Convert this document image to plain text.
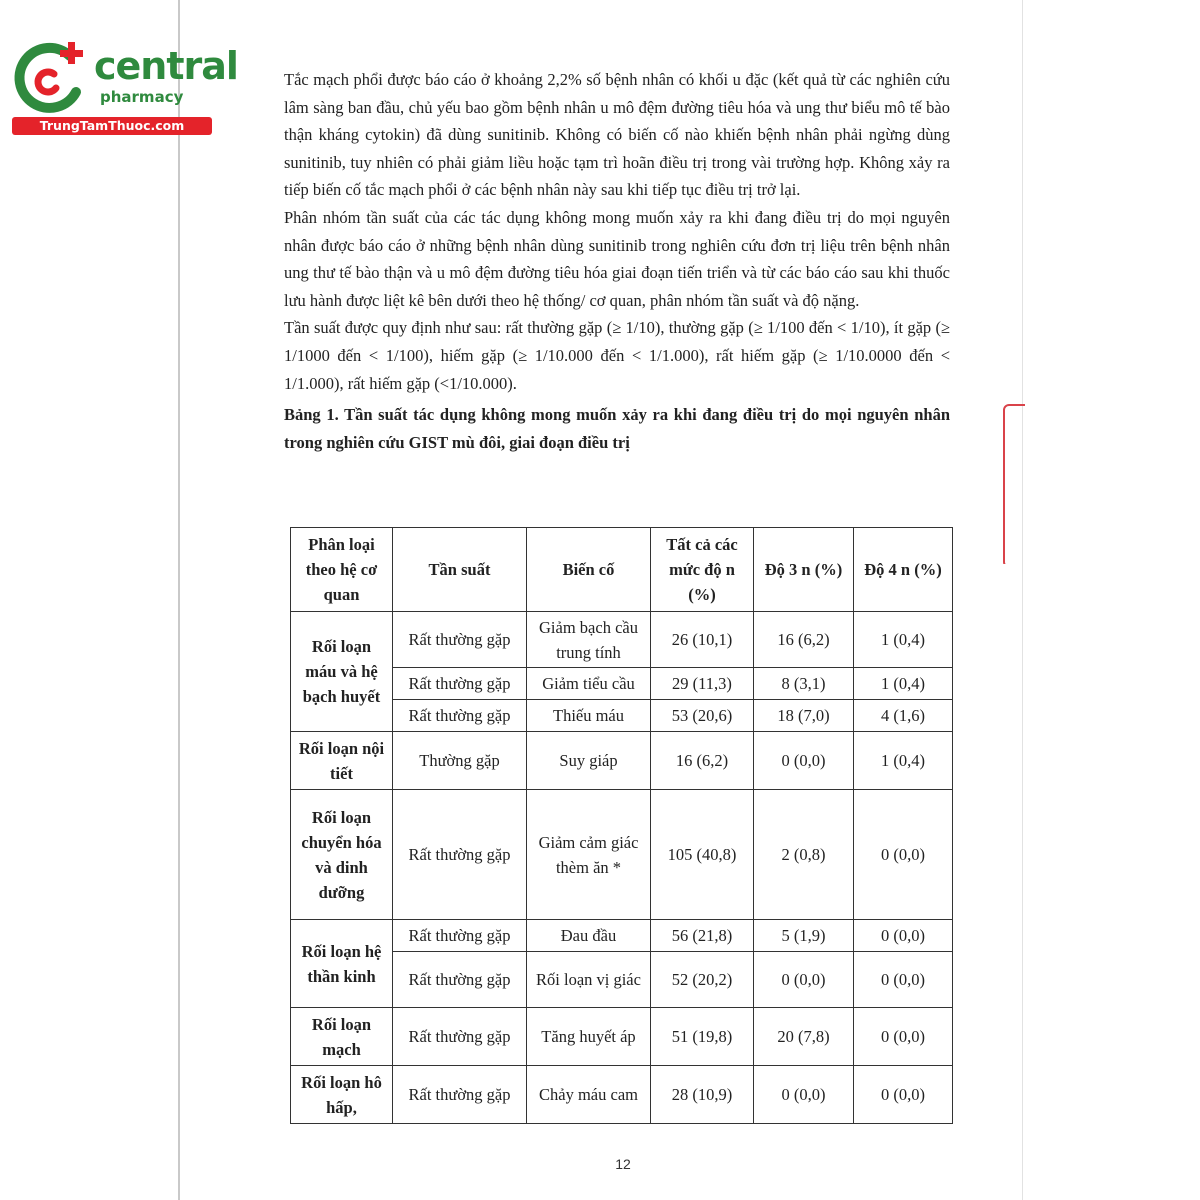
central
pharmacy
TrungTamThuoc.com

Tắc mạch phổi được báo cáo ở khoảng 2,2% số bệnh nhân có khối u đặc (kết quả từ các nghiên cứu lâm sàng ban đầu, chủ yếu bao gồm bệnh nhân u mô đệm đường tiêu hóa và ung thư biểu mô tế bào thận kháng cytokin) đã dùng sunitinib. Không có biến cố nào khiến bệnh nhân phải ngừng dùng sunitinib, tuy nhiên có phải giảm liều hoặc tạm trì hoãn điều trị trong vài trường hợp. Không xảy ra tiếp biến cố tắc mạch phổi ở các bệnh nhân này sau khi tiếp tục điều trị trở lại.

Phân nhóm tần suất của các tác dụng không mong muốn xảy ra khi đang điều trị do mọi nguyên nhân được báo cáo ở những bệnh nhân dùng sunitinib trong nghiên cứu đơn trị liệu trên bệnh nhân ung thư tế bào thận và u mô đệm đường tiêu hóa giai đoạn tiến triển và từ các báo cáo sau khi thuốc lưu hành được liệt kê bên dưới theo hệ thống/ cơ quan, phân nhóm tần suất và độ nặng.

Tần suất được quy định như sau: rất thường gặp (≥ 1/10), thường gặp (≥ 1/100 đến < 1/10), ít gặp (≥ 1/1000 đến < 1/100), hiếm gặp (≥ 1/10.000 đến < 1/1.000), rất hiếm gặp (≥ 1/10.0000 đến < 1/1.000), rất hiếm gặp (<1/10.000).

Bảng 1. Tần suất tác dụng không mong muốn xảy ra khi đang điều trị do mọi nguyên nhân trong nghiên cứu GIST mù đôi, giai đoạn điều trị

Phân loại theo hệ cơ quan	Tần suất	Biến cố	Tất cả các mức độ n (%)	Độ 3 n (%)	Độ 4 n (%)
Rối loạn máu và hệ bạch huyết	Rất thường gặp	Giảm bạch cầu trung tính	26 (10,1)	16 (6,2)	1 (0,4)
	Rất thường gặp	Giảm tiểu cầu	29 (11,3)	8 (3,1)	1 (0,4)
	Rất thường gặp	Thiếu máu	53 (20,6)	18 (7,0)	4 (1,6)
Rối loạn nội tiết	Thường gặp	Suy giáp	16 (6,2)	0 (0,0)	1 (0,4)
Rối loạn chuyển hóa và dinh dưỡng	Rất thường gặp	Giảm cảm giác thèm ăn *	105 (40,8)	2 (0,8)	0 (0,0)
Rối loạn hệ thần kinh	Rất thường gặp	Đau đầu	56 (21,8)	5 (1,9)	0 (0,0)
	Rất thường gặp	Rối loạn vị giác	52 (20,2)	0 (0,0)	0 (0,0)
Rối loạn mạch	Rất thường gặp	Tăng huyết áp	51 (19,8)	20 (7,8)	0 (0,0)
Rối loạn hô hấp,	Rất thường gặp	Chảy máu cam	28 (10,9)	0 (0,0)	0 (0,0)
12
